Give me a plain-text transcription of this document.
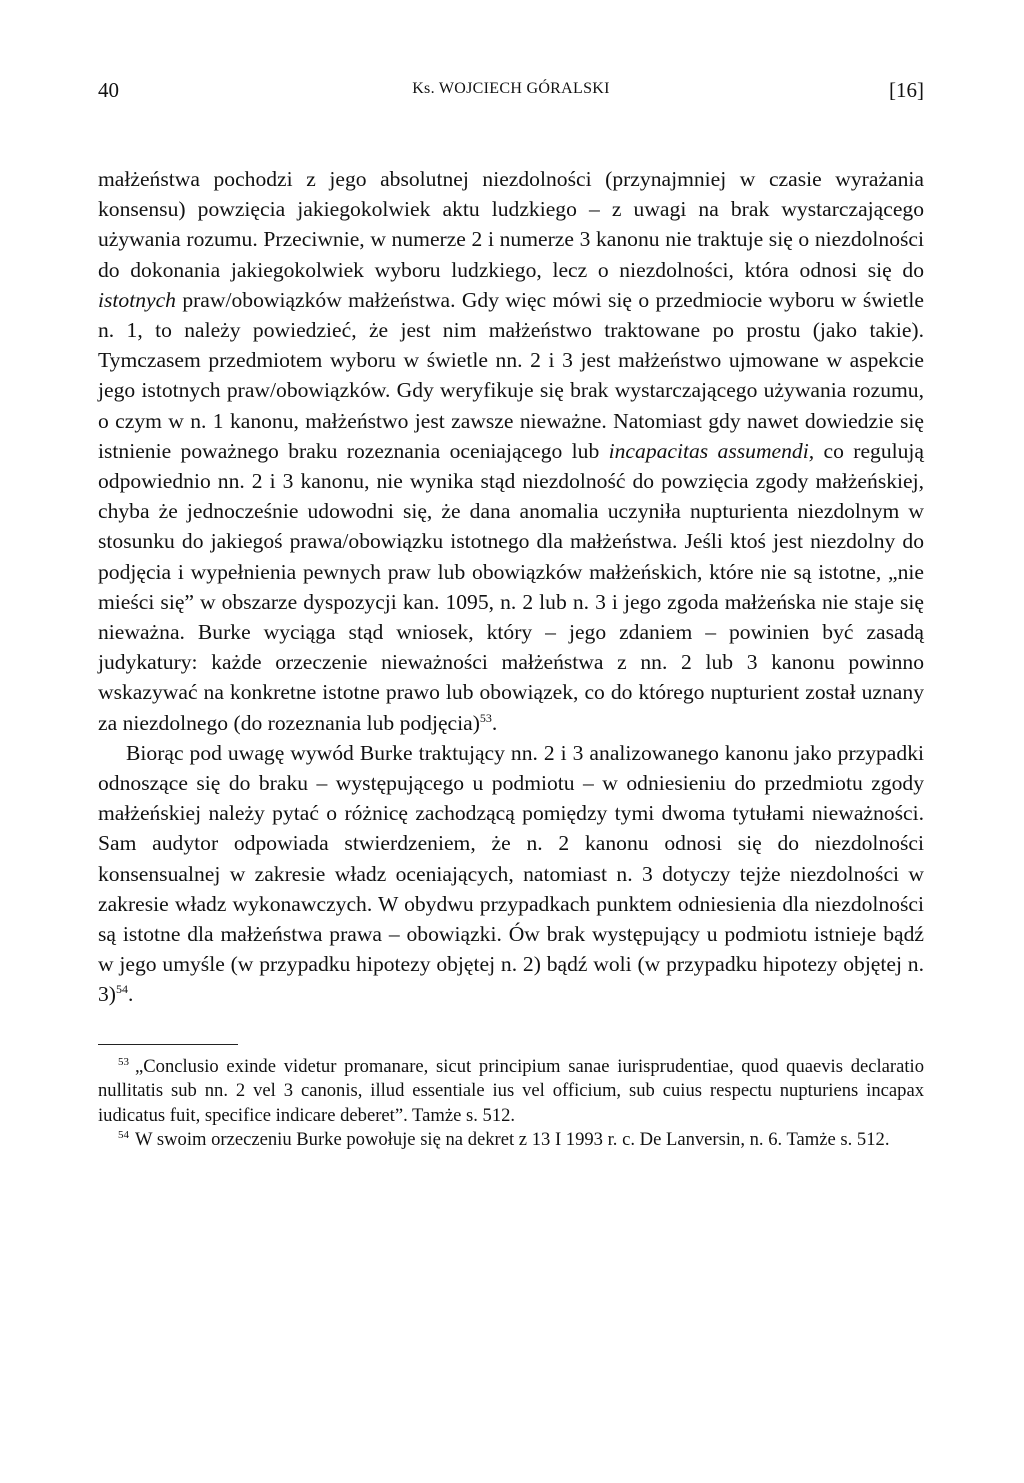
40	Ks. WOJCIECH GÓRALSKI	[16]

małżeństwa pochodzi z jego absolutnej niezdolności (przynajmniej w czasie wyrażania konsensu) powzięcia jakiegokolwiek aktu ludzkiego – z uwagi na brak wystarczającego używania rozumu. Przeciwnie, w numerze 2 i numerze 3 kanonu nie traktuje się o niezdolności do dokonania jakiegokolwiek wyboru ludzkiego, lecz o niezdolności, która odnosi się do istotnych praw/obowiązków małżeństwa. Gdy więc mówi się o przedmiocie wyboru w świetle n. 1, to należy powiedzieć, że jest nim małżeństwo traktowane po prostu (jako takie). Tymczasem przedmiotem wyboru w świetle nn. 2 i 3 jest małżeństwo ujmowane w aspekcie jego istotnych praw/obowiązków. Gdy weryfikuje się brak wystarczającego używania rozumu, o czym w n. 1 kanonu, małżeństwo jest zawsze nieważne. Natomiast gdy nawet dowiedzie się istnienie poważnego braku rozeznania oceniającego lub incapacitas assumendi, co regulują odpowiednio nn. 2 i 3 kanonu, nie wynika stąd niezdolność do powzięcia zgody małżeńskiej, chyba że jednocześnie udowodni się, że dana anomalia uczyniła nupturienta niezdolnym w stosunku do jakiegoś prawa/obowiązku istotnego dla małżeństwa. Jeśli ktoś jest niezdolny do podjęcia i wypełnienia pewnych praw lub obowiązków małżeńskich, które nie są istotne, „nie mieści się” w obszarze dyspozycji kan. 1095, n. 2 lub n. 3 i jego zgoda małżeńska nie staje się nieważna. Burke wyciąga stąd wniosek, który – jego zdaniem – powinien być zasadą judykatury: każde orzeczenie nieważności małżeństwa z nn. 2 lub 3 kanonu powinno wskazywać na konkretne istotne prawo lub obowiązek, co do którego nupturient został uznany za niezdolnego (do rozeznania lub podjęcia)$^{53}$.

Biorąc pod uwagę wywód Burke traktujący nn. 2 i 3 analizowanego kanonu jako przypadki odnoszące się do braku – występującego u podmiotu – w odniesieniu do przedmiotu zgody małżeńskiej należy pytać o różnicę zachodzącą pomiędzy tymi dwoma tytułami nieważności. Sam audytor odpowiada stwierdzeniem, że n. 2 kanonu odnosi się do niezdolności konsensualnej w zakresie władz oceniających, natomiast n. 3 dotyczy tejże niezdolności w zakresie władz wykonawczych. W obydwu przypadkach punktem odniesienia dla niezdolności są istotne dla małżeństwa prawa – obowiązki. Ów brak występujący u podmiotu istnieje bądź w jego umyśle (w przypadku hipotezy objętej n. 2) bądź woli (w przypadku hipotezy objętej n. 3)$^{54}$.

$^{53}$ „Conclusio exinde videtur promanare, sicut principium sanae iurisprudentiae, quod quaevis declaratio nullitatis sub nn. 2 vel 3 canonis, illud essentiale ius vel officium, sub cuius respectu nupturiens incapax iudicatus fuit, specifice indicare deberet”. Tamże s. 512.

$^{54}$ W swoim orzeczeniu Burke powołuje się na dekret z 13 I 1993 r. c. De Lanversin, n. 6. Tamże s. 512.
